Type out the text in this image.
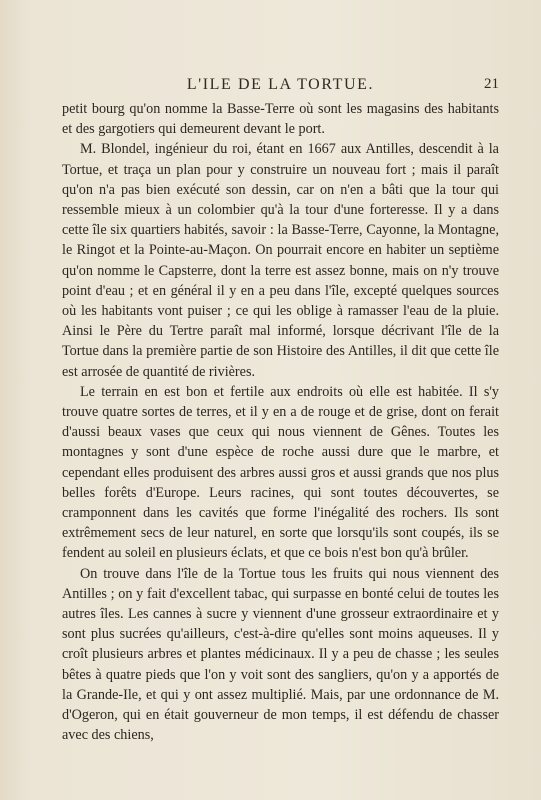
L'ILE DE LA TORTUE.	21

petit bourg qu'on nomme la Basse-Terre où sont les magasins des habitants et des gargotiers qui demeurent devant le port.

M. Blondel, ingénieur du roi, étant en 1667 aux Antilles, descendit à la Tortue, et traça un plan pour y construire un nouveau fort ; mais il paraît qu'on n'a pas bien exécuté son dessin, car on n'en a bâti que la tour qui ressemble mieux à un colombier qu'à la tour d'une forteresse. Il y a dans cette île six quartiers habités, savoir : la Basse-Terre, Cayonne, la Montagne, le Ringot et la Pointe-au-Maçon. On pourrait encore en habiter un septième qu'on nomme le Capsterre, dont la terre est assez bonne, mais on n'y trouve point d'eau ; et en général il y en a peu dans l'île, excepté quelques sources où les habitants vont puiser ; ce qui les oblige à ramasser l'eau de la pluie. Ainsi le Père du Tertre paraît mal informé, lorsque décrivant l'île de la Tortue dans la première partie de son Histoire des Antilles, il dit que cette île est arrosée de quantité de rivières.

Le terrain en est bon et fertile aux endroits où elle est habitée. Il s'y trouve quatre sortes de terres, et il y en a de rouge et de grise, dont on ferait d'aussi beaux vases que ceux qui nous viennent de Gênes. Toutes les montagnes y sont d'une espèce de roche aussi dure que le marbre, et cependant elles produisent des arbres aussi gros et aussi grands que nos plus belles forêts d'Europe. Leurs racines, qui sont toutes découvertes, se cramponnent dans les cavités que forme l'inégalité des rochers. Ils sont extrêmement secs de leur naturel, en sorte que lorsqu'ils sont coupés, ils se fendent au soleil en plusieurs éclats, et que ce bois n'est bon qu'à brûler.

On trouve dans l'île de la Tortue tous les fruits qui nous viennent des Antilles ; on y fait d'excellent tabac, qui surpasse en bonté celui de toutes les autres îles. Les cannes à sucre y viennent d'une grosseur extraordinaire et y sont plus sucrées qu'ailleurs, c'est-à-dire qu'elles sont moins aqueuses. Il y croît plusieurs arbres et plantes médicinaux. Il y a peu de chasse ; les seules bêtes à quatre pieds que l'on y voit sont des sangliers, qu'on y a apportés de la Grande-Ile, et qui y ont assez multiplié. Mais, par une ordonnance de M. d'Ogeron, qui en était gouverneur de mon temps, il est défendu de chasser avec des chiens,
